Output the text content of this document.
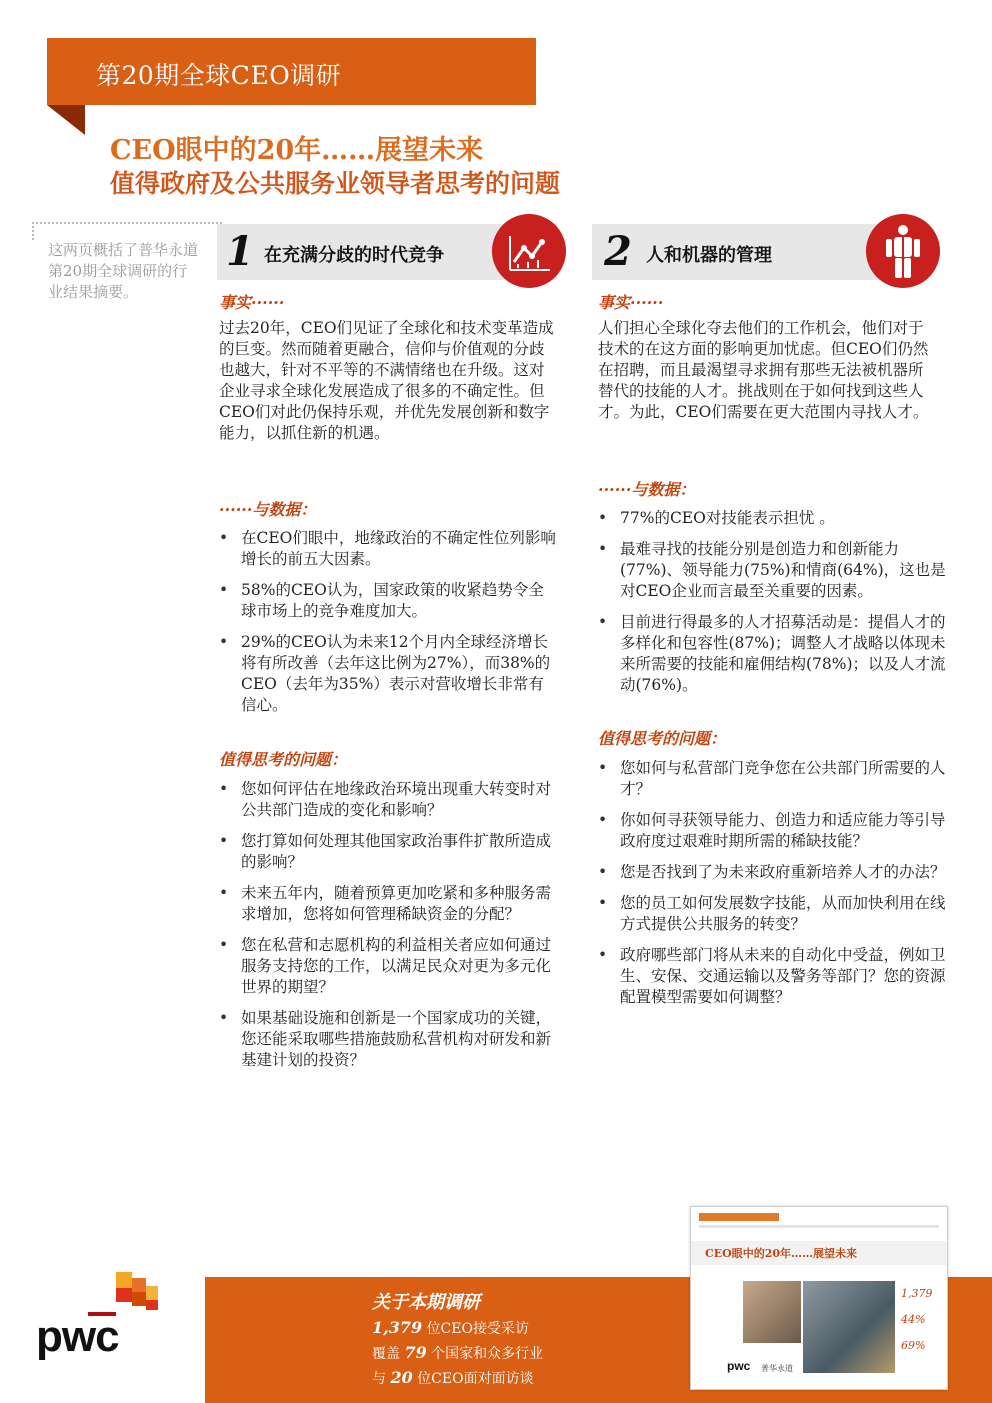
第20期全球CEO调研
CEO眼中的20年……展望未来
值得政府及公共服务业领导者思考的问题
这两页概括了普华永道第20期全球调研的行业结果摘要。
1 在充满分歧的时代竞争
事实······
过去20年，CEO们见证了全球化和技术变革造成的巨变。然而随着更融合，信仰与价值观的分歧也越大，针对不平等的不满情绪也在升级。这对企业寻求全球化发展造成了很多的不确定性。但CEO们对此仍保持乐观，并优先发展创新和数字能力，以抓住新的机遇。
······与数据：
• 在CEO们眼中，地缘政治的不确定性位列影响增长的前五大因素。
• 58%的CEO认为，国家政策的收紧趋势令全球市场上的竞争难度加大。
• 29%的CEO认为未来12个月内全球经济增长将有所改善（去年这比例为27%），而38%的CEO（去年为35%）表示对营收增长非常有信心。
值得思考的问题：
• 您如何评估在地缘政治环境出现重大转变时对公共部门造成的变化和影响？
• 您打算如何处理其他国家政治事件扩散所造成的影响？
• 未来五年内，随着预算更加吃紧和多种服务需求增加，您将如何管理稀缺资金的分配？
• 您在私营和志愿机构的利益相关者应如何通过服务支持您的工作，以满足民众对更为多元化世界的期望？
• 如果基础设施和创新是一个国家成功的关键，您还能采取哪些措施鼓励私营机构对研发和新基建计划的投资？
2 人和机器的管理
事实······
人们担心全球化夺去他们的工作机会，他们对于技术的在这方面的影响更加忧虑。但CEO们仍然在招聘，而且最渴望寻求拥有那些无法被机器所替代的技能的人才。挑战则在于如何找到这些人才。为此，CEO们需要在更大范围内寻找人才。
······与数据：
• 77%的CEO对技能表示担忧 。
• 最难寻找的技能分别是创造力和创新能力(77%)、领导能力(75%)和情商(64%)，这也是对CEO企业而言最至关重要的因素。
• 目前进行得最多的人才招募活动是：提倡人才的多样化和包容性(87%)；调整人才战略以体现未来所需要的技能和雇佣结构(78%)；以及人才流动(76%)。
值得思考的问题：
• 您如何与私营部门竞争您在公共部门所需要的人才？
• 你如何寻获领导能力、创造力和适应能力等引导政府度过艰难时期所需的稀缺技能？
• 您是否找到了为未来政府重新培养人才的办法？
• 您的员工如何发展数字技能，从而加快利用在线方式提供公共服务的转变？
• 政府哪些部门将从未来的自动化中受益，例如卫生、安保、交通运输以及警务等部门？您的资源配置模型需要如何调整？
pwc
关于本期调研
1,379 位CEO接受采访
覆盖 79 个国家和众多行业
与 20 位CEO面对面访谈
CEO眼中的20年……展望未来
1,379
44%
69%
pwc 普华永道
